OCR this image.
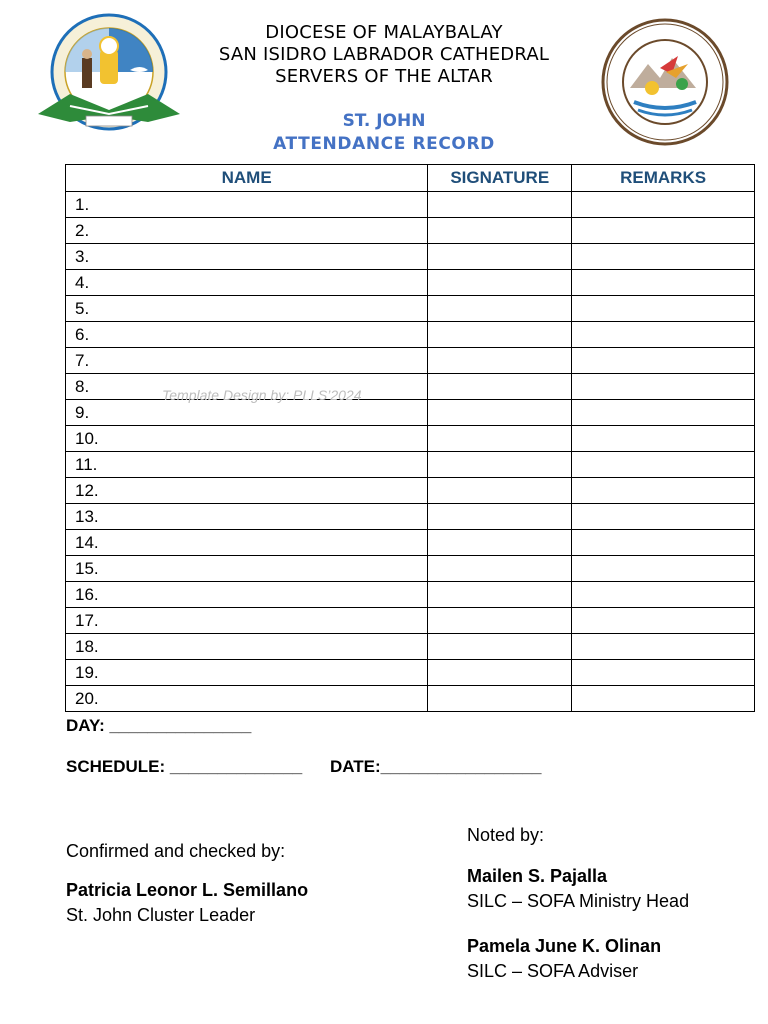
DIOCESE OF MALAYBALAY
SAN ISIDRO LABRADOR CATHEDRAL
SERVERS OF THE ALTAR
ST. JOHN
ATTENDANCE RECORD
NAME	SIGNATURE	REMARKS
1.		
2.		
3.		
4.		
5.		
6.		
7.		
8.		
9.		
10.		
11.		
12.		
13.		
14.		
15.		
16.		
17.		
18.		
19.		
20.		
Template Design by: PLLS’2024
DAY: _______________
SCHEDULE: ______________ DATE:_________________
Confirmed and checked by:
Patricia Leonor L. Semillano
St. John Cluster Leader
Noted by:
Mailen S. Pajalla
SILC – SOFA Ministry Head
Pamela June K. Olinan
SILC – SOFA Adviser
